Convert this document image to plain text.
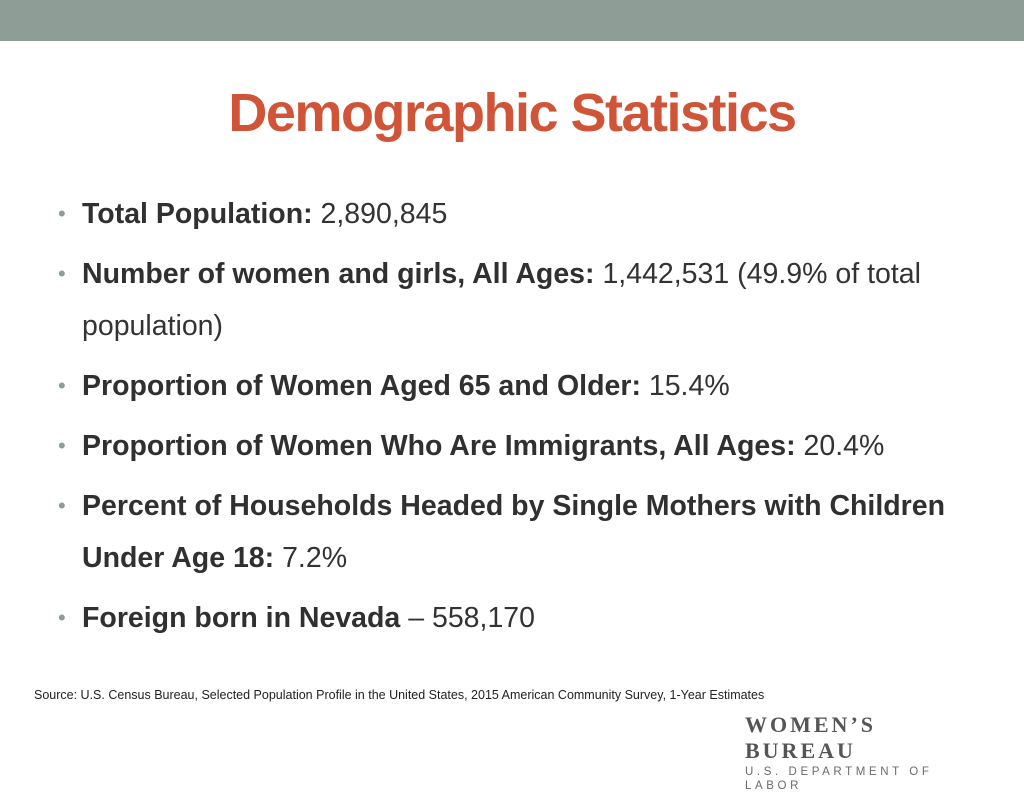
Demographic Statistics
• Total Population: 2,890,845
• Number of women and girls, All Ages: 1,442,531 (49.9% of total population)
• Proportion of Women Aged 65 and Older: 15.4%
• Proportion of Women Who Are Immigrants, All Ages: 20.4%
• Percent of Households Headed by Single Mothers with Children Under Age 18: 7.2%
• Foreign born in Nevada – 558,170
Source: U.S. Census Bureau, Selected Population Profile in the United States, 2015 American Community Survey, 1-Year Estimates
WOMEN’S BUREAU
U.S. DEPARTMENT OF LABOR
